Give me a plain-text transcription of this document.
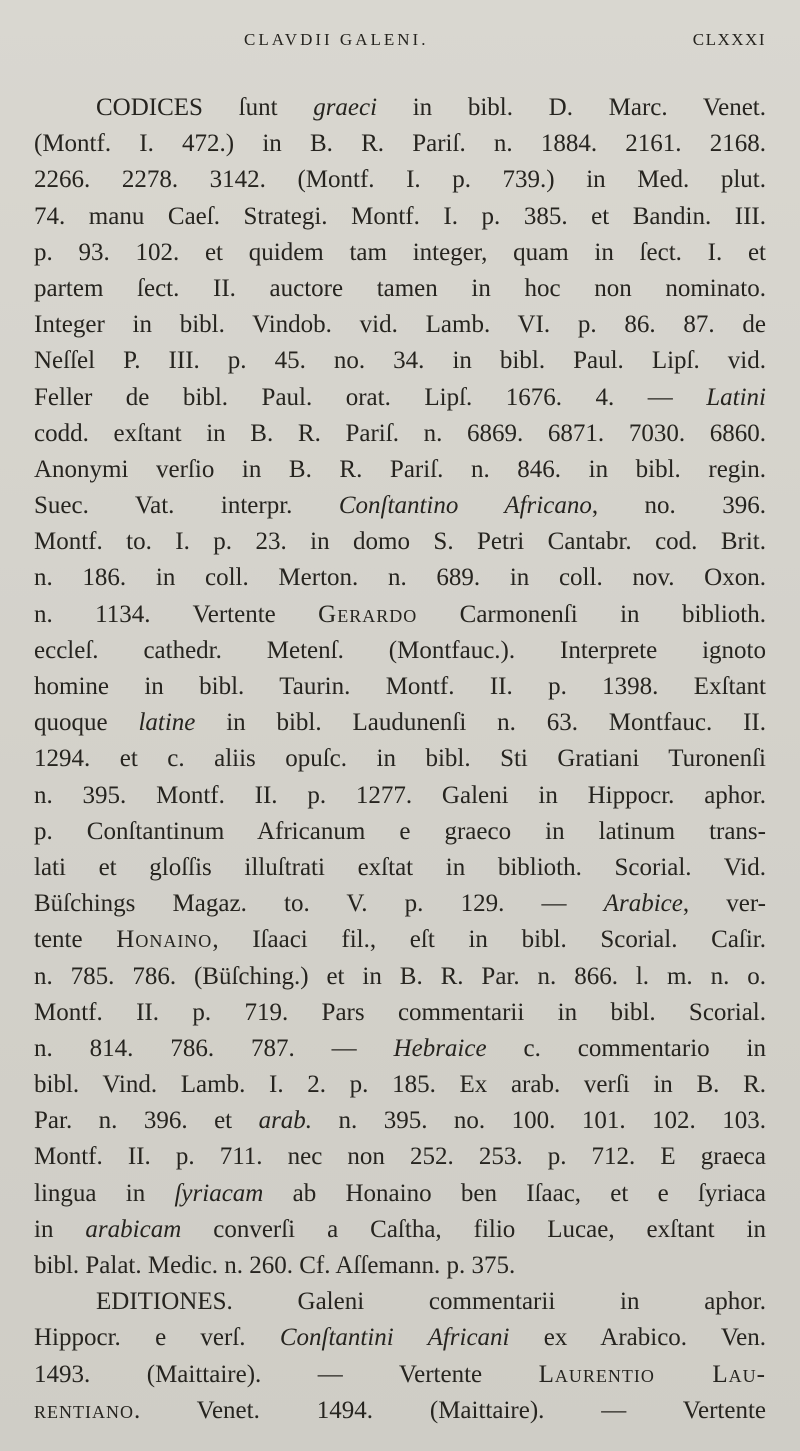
CLAVDII GALENI.	CLXXXI
CODICES ſunt graeci in bibl. D. Marc. Venet.
(Montf. I. 472.) in B. R. Pariſ. n. 1884. 2161. 2168.
2266. 2278. 3142. (Montf. I. p. 739.) in Med. plut.
74. manu Caeſ. Strategi. Montf. I. p. 385. et Bandin. III.
p. 93. 102. et quidem tam integer, quam in ſect. I. et
partem ſect. II. auctore tamen in hoc non nominato.
Integer in bibl. Vindob. vid. Lamb. VI. p. 86. 87. de
Neſſel P. III. p. 45. no. 34. in bibl. Paul. Lipſ. vid.
Feller de bibl. Paul. orat. Lipſ. 1676. 4. — Latini
codd. exſtant in B. R. Pariſ. n. 6869. 6871. 7030. 6860.
Anonymi verſio in B. R. Pariſ. n. 846. in bibl. regin.
Suec. Vat. interpr. Conſtantino Africano, no. 396.
Montf. to. I. p. 23. in domo S. Petri Cantabr. cod. Brit.
n. 186. in coll. Merton. n. 689. in coll. nov. Oxon.
n. 1134. Vertente Gerardo Carmonenſi in biblioth.
eccleſ. cathedr. Metenſ. (Montfauc.). Interprete ignoto
homine in bibl. Taurin. Montf. II. p. 1398. Exſtant
quoque latine in bibl. Laudunenſi n. 63. Montfauc. II.
1294. et c. aliis opuſc. in bibl. Sti Gratiani Turonenſi
n. 395. Montf. II. p. 1277. Galeni in Hippocr. aphor.
p. Conſtantinum Africanum e graeco in latinum trans-
lati et gloſſis illuſtrati exſtat in biblioth. Scorial. Vid.
Büſchings Magaz. to. V. p. 129. — Arabice, ver-
tente Honaino, Iſaaci fil., eſt in bibl. Scorial. Caſir.
n. 785. 786. (Büſching.) et in B. R. Par. n. 866. l. m. n. o.
Montf. II. p. 719. Pars commentarii in bibl. Scorial.
n. 814. 786. 787. — Hebraice c. commentario in
bibl. Vind. Lamb. I. 2. p. 185. Ex arab. verſi in B. R.
Par. n. 396. et arab. n. 395. no. 100. 101. 102. 103.
Montf. II. p. 711. nec non 252. 253. p. 712. E graeca
lingua in ſyriacam ab Honaino ben Iſaac, et e ſyriaca
in arabicam converſi a Caſtha, filio Lucae, exſtant in
bibl. Palat. Medic. n. 260. Cf. Aſſemann. p. 375.
EDITIONES. Galeni commentarii in aphor.
Hippocr. e verſ. Conſtantini Africani ex Arabico. Ven.
1493. (Maittaire). — Vertente Laurentio Lau-
rentiano. Venet. 1494. (Maittaire). — Vertente
